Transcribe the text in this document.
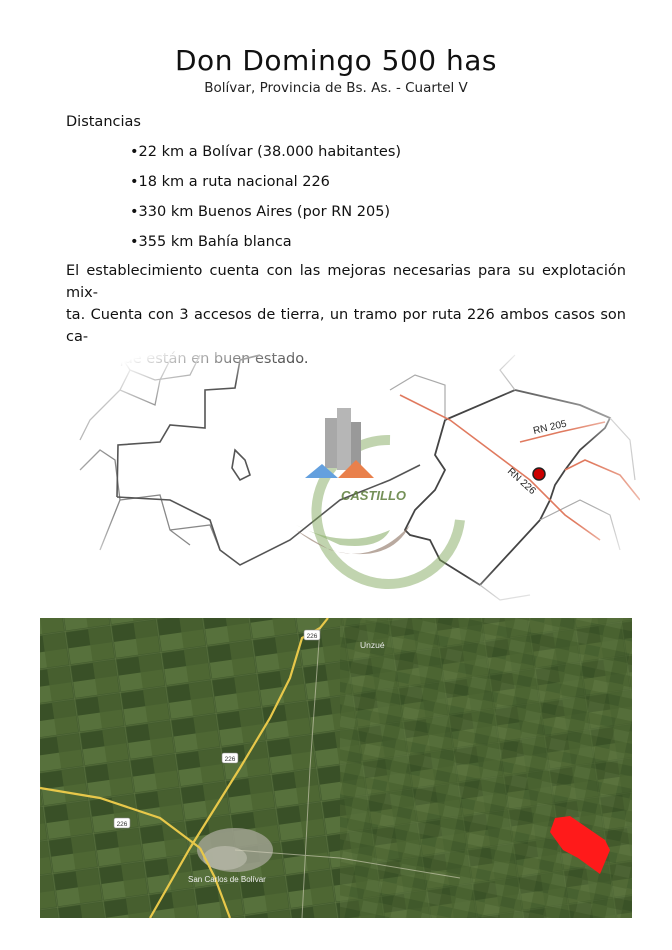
Don Domingo 500 has
Bolívar, Provincia de Bs. As. - Cuartel V
Distancias
•22 km a Bolívar (38.000 habitantes)
•18 km a ruta nacional 226
•330 km Buenos Aires (por RN 205)
•355 km Bahía blanca
El establecimiento cuenta con las mejoras necesarias para su explotación mix-
ta. Cuenta con 3 accesos de tierra, un tramo por ruta 226 ambos casos son ca-
226
226
226
Unzué
San Carlos de Bolívar
